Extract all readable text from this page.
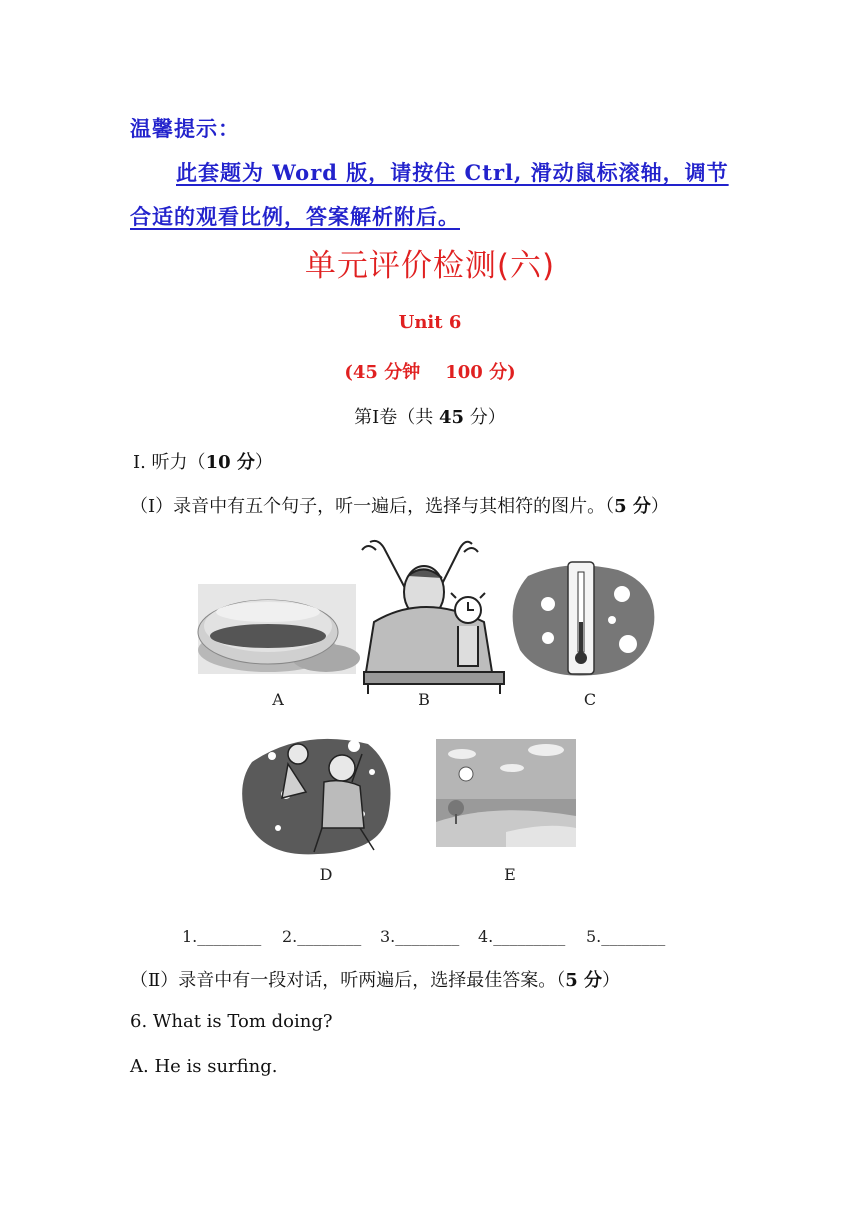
温馨提示：
此套题为 Word 版，请按住 Ctrl, 滑动鼠标滚轴，调节
合适的观看比例，答案解析附后。
单元评价检测(六)
Unit 6
(45 分钟    100 分)
第Ⅰ卷（共 45 分）
Ⅰ. 听力（10 分）
（Ⅰ）录音中有五个句子，听一遍后，选择与其相符的图片。（5 分）
A	B	C
D	E
1.________ 2.________ 3.________ 4._________ 5.________
（Ⅱ）录音中有一段对话，听两遍后，选择最佳答案。（5 分）
6. What is Tom doing?
A. He is surfing.
